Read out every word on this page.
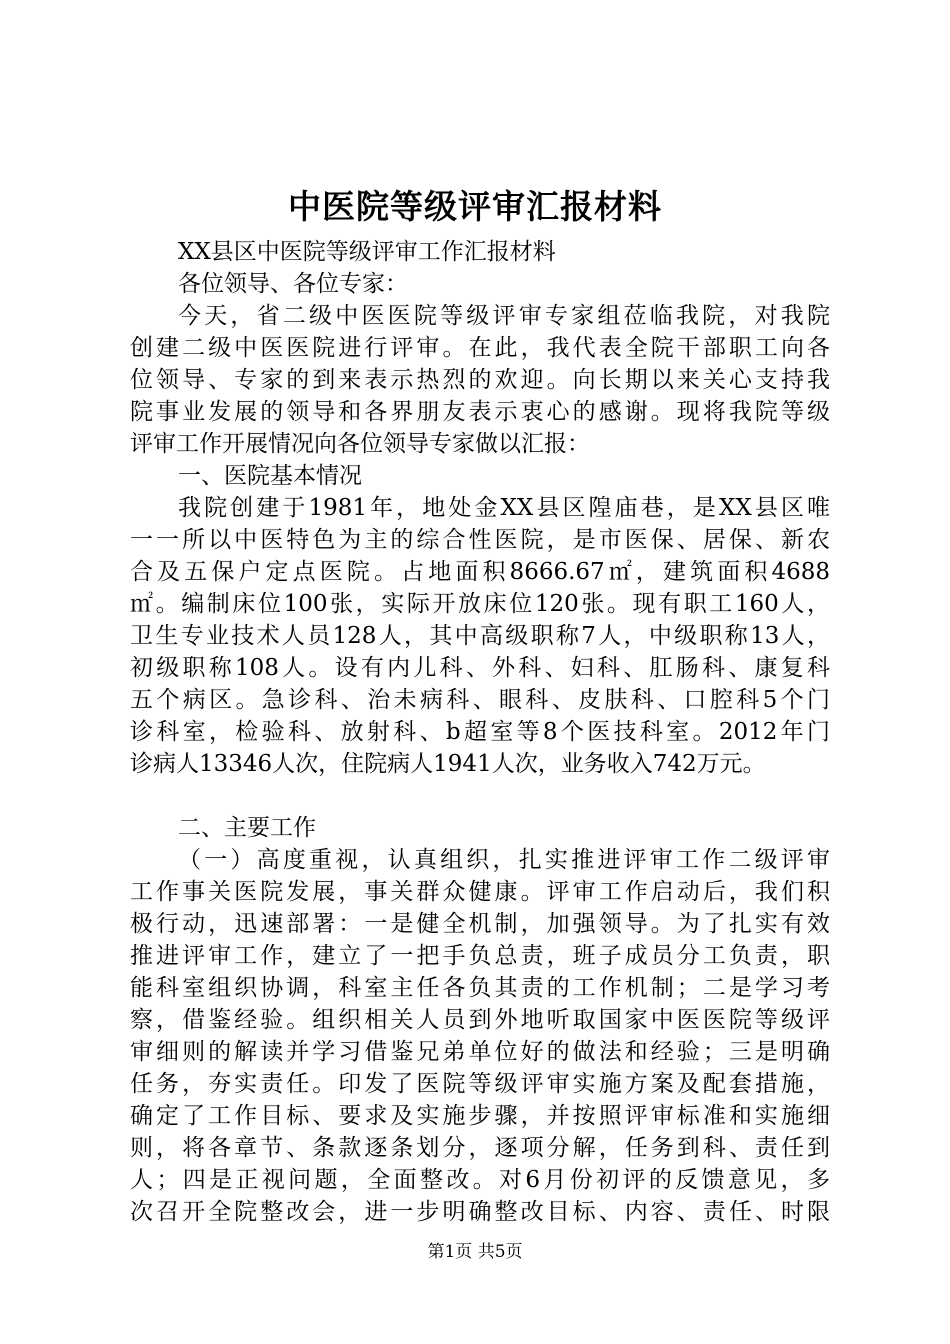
中医院等级评审汇报材料

XX县区中医院等级评审工作汇报材料

各位领导、各位专家：

今天，省二级中医医院等级评审专家组莅临我院，对我院

创建二级中医医院进行评审。在此，我代表全院干部职工向各

位领导、专家的到来表示热烈的欢迎。向长期以来关心支持我

院事业发展的领导和各界朋友表示衷心的感谢。现将我院等级

评审工作开展情况向各位领导专家做以汇报：

一、医院基本情况

我院创建于1981年，地处金XX县区隍庙巷，是XX县区唯

一一所以中医特色为主的综合性医院，是市医保、居保、新农

合及五保户定点医院。占地面积8666.67㎡，建筑面积4688

㎡。编制床位100张，实际开放床位120张。现有职工160人，

卫生专业技术人员128人，其中高级职称7人，中级职称13人，

初级职称108人。设有内儿科、外科、妇科、肛肠科、康复科

五个病区。急诊科、治未病科、眼科、皮肤科、口腔科5个门

诊科室，检验科、放射科、b超室等8个医技科室。2012年门

诊病人13346人次，住院病人1941人次，业务收入742万元。

二、主要工作

（一）高度重视，认真组织，扎实推进评审工作二级评审

工作事关医院发展，事关群众健康。评审工作启动后，我们积

极行动，迅速部署：一是健全机制，加强领导。为了扎实有效

推进评审工作，建立了一把手负总责，班子成员分工负责，职

能科室组织协调，科室主任各负其责的工作机制；二是学习考

察，借鉴经验。组织相关人员到外地听取国家中医医院等级评

审细则的解读并学习借鉴兄弟单位好的做法和经验；三是明确

任务，夯实责任。印发了医院等级评审实施方案及配套措施，

确定了工作目标、要求及实施步骤，并按照评审标准和实施细

则，将各章节、条款逐条划分，逐项分解，任务到科、责任到

人；四是正视问题，全面整改。对6月份初评的反馈意见，多

次召开全院整改会，进一步明确整改目标、内容、责任、时限

第1页 共5页
